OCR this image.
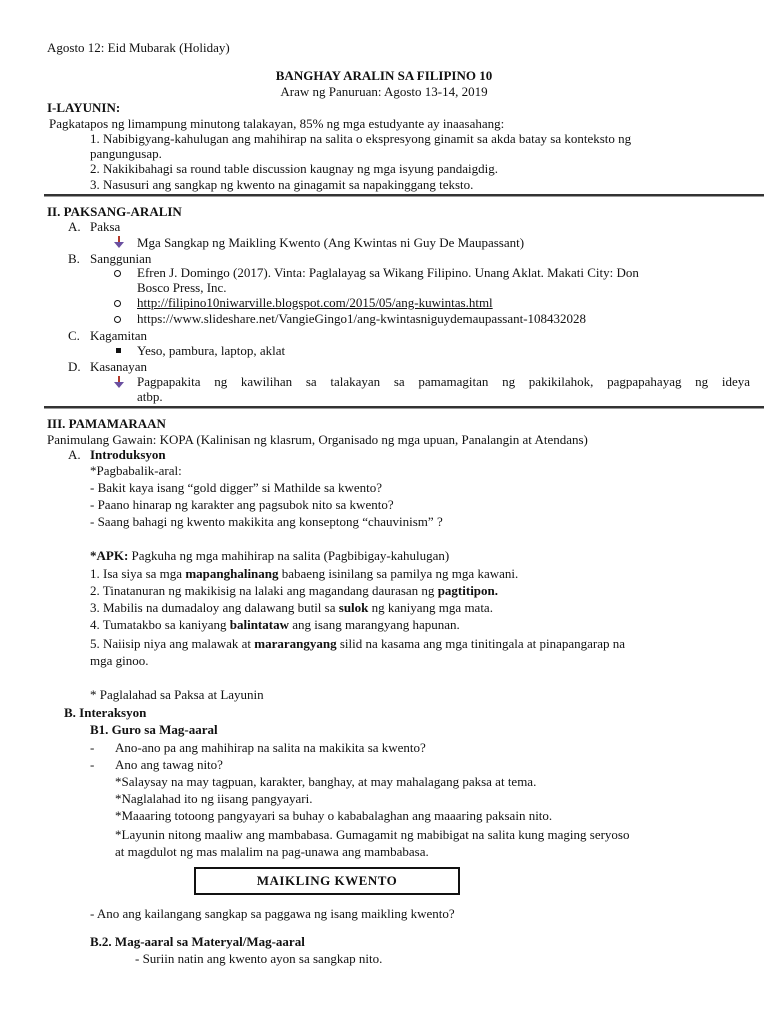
Agosto 12: Eid Mubarak (Holiday)
BANGHAY ARALIN SA FILIPINO 10
Araw ng Panuruan: Agosto 13-14, 2019
I-LAYUNIN:
Pagkatapos ng limampung minutong talakayan, 85% ng mga estudyante ay inaasahang:
1. Nabibigyang-kahulugan ang mahihirap na salita o ekspresyong ginamit sa akda batay sa konteksto ng
pangungusap.
2. Nakikibahagi sa round table discussion kaugnay ng mga isyung pandaigdig.
3. Nasusuri ang sangkap ng kwento na ginagamit sa napakinggang teksto.
II. PAKSANG-ARALIN
A. Paksa
Mga Sangkap ng Maikling Kwento (Ang Kwintas ni Guy De Maupassant)
B. Sanggunian
Efren J. Domingo (2017). Vinta: Paglalayag sa Wikang Filipino. Unang Aklat. Makati City: Don
Bosco Press, Inc.
http://filipino10niwarville.blogspot.com/2015/05/ang-kuwintas.html
https://www.slideshare.net/VangieGingo1/ang-kwintasniguydemaupassant-108432028
C. Kagamitan
Yeso, pambura, laptop, aklat
D. Kasanayan
Pagpapakita ng kawilihan sa talakayan sa pamamagitan ng pakikilahok, pagpapahayag ng ideya
atbp.
III. PAMAMARAAN
Panimulang Gawain: KOPA (Kalinisan ng klasrum, Organisado ng mga upuan, Panalangin at Atendans)
A. Introduksyon
*Pagbabalik-aral:
- Bakit kaya isang “gold digger” si Mathilde sa kwento?
- Paano hinarap ng karakter ang pagsubok nito sa kwento?
- Saang bahagi ng kwento makikita ang konseptong “chauvinism” ?
*APK: Pagkuha ng mga mahihirap na salita (Pagbibigay-kahulugan)
1. Isa siya sa mga mapanghalinang babaeng isinilang sa pamilya ng mga kawani.
2. Tinatanuran ng makikisig na lalaki ang magandang daurasan ng pagtitipon.
3. Mabilis na dumadaloy ang dalawang butil sa sulok ng kaniyang mga mata.
4. Tumatakbo sa kaniyang balintataw ang isang marangyang hapunan.
5. Naiisip niya ang malawak at mararangyang silid na kasama ang mga tinitingala at pinapangarap na
mga ginoo.
* Paglalahad sa Paksa at Layunin
B. Interaksyon
B1. Guro sa Mag-aaral
- Ano-ano pa ang mahihirap na salita na makikita sa kwento?
- Ano ang tawag nito?
*Salaysay na may tagpuan, karakter, banghay, at may mahalagang paksa at tema.
*Naglalahad ito ng iisang pangyayari.
*Maaaring totoong pangyayari sa buhay o kababalaghan ang maaaring paksain nito.
*Layunin nitong maaliw ang mambabasa. Gumagamit ng mabibigat na salita kung maging seryoso
at magdulot ng mas malalim na pag-unawa ang mambabasa.
MAIKLING KWENTO
- Ano ang kailangang sangkap sa paggawa ng isang maikling kwento?
B.2. Mag-aaral sa Materyal/Mag-aaral
- Suriin natin ang kwento ayon sa sangkap nito.
